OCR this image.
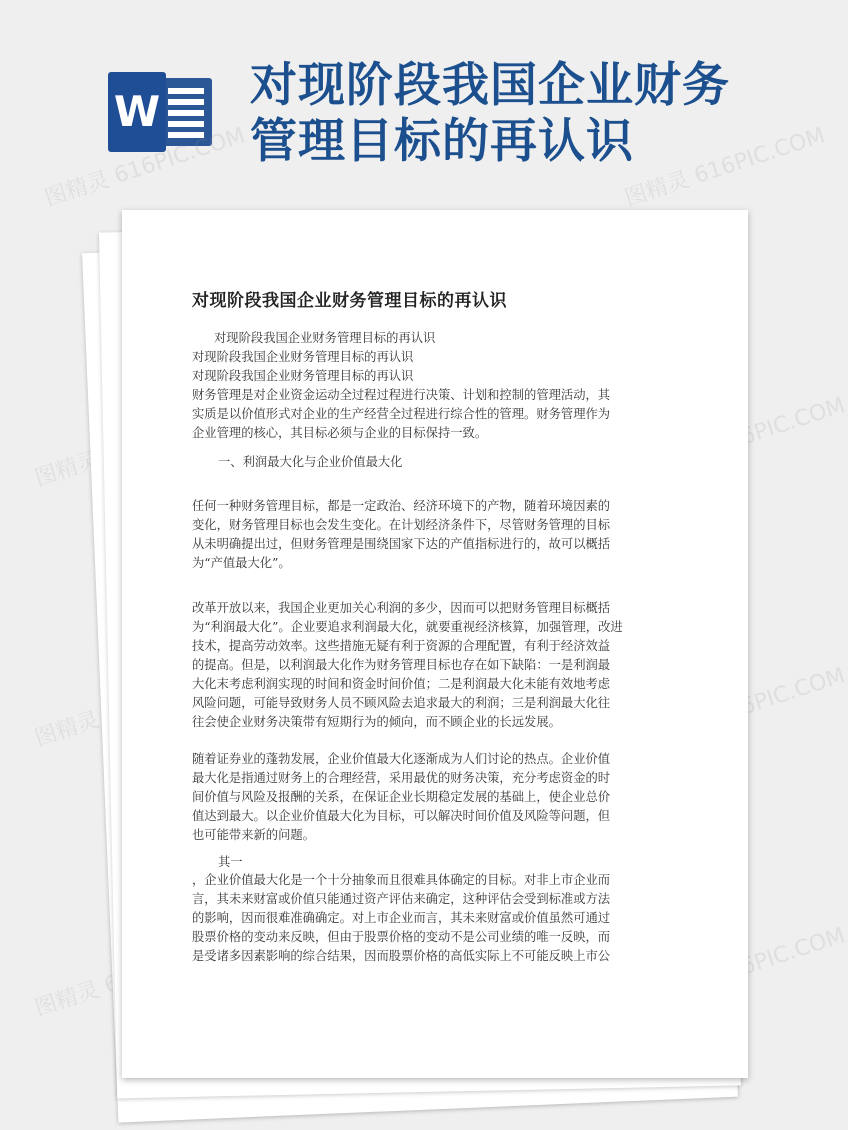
W 对现阶段我国企业财务
管理目标的再认识
图精灵 616PIC.COM	图精灵 616PIC.COM
图精灵
616PIC.COM
图精灵
616PIC.COM
图精灵
616PIC.COM
对现阶段我国企业财务管理目标的再认识
对现阶段我国企业财务管理目标的再认识
对现阶段我国企业财务管理目标的再认识
对现阶段我国企业财务管理目标的再认识
财务管理是对企业资金运动全过程过程进行决策、计划和控制的管理活动，其
实质是以价值形式对企业的生产经营全过程进行综合性的管理。财务管理作为
企业管理的核心，其目标必须与企业的目标保持一致。
一、利润最大化与企业价值最大化
任何一种财务管理目标，都是一定政治、经济环境下的产物，随着环境因素的
变化，财务管理目标也会发生变化。在计划经济条件下，尽管财务管理的目标
从未明确提出过，但财务管理是围绕国家下达的产值指标进行的，故可以概括
为“产值最大化”。
改革开放以来，我国企业更加关心利润的多少，因而可以把财务管理目标概括
为“利润最大化”。企业要追求利润最大化，就要重视经济核算，加强管理，改进
技术，提高劳动效率。这些措施无疑有利于资源的合理配置，有利于经济效益
的提高。但是，以利润最大化作为财务管理目标也存在如下缺陷：一是利润最
大化末考虑利润实现的时间和资金时间价值；二是利润最大化未能有效地考虑
风险问题，可能导致财务人员不顾风险去追求最大的利润；三是利润最大化往
往会使企业财务决策带有短期行为的倾向，而不顾企业的长远发展。
随着证券业的蓬勃发展，企业价值最大化逐渐成为人们讨论的热点。企业价值
最大化是指通过财务上的合理经营，采用最优的财务决策，充分考虑资金的时
间价值与风险及报酬的关系，在保证企业长期稳定发展的基础上，使企业总价
值达到最大。以企业价值最大化为目标，可以解决时间价值及风险等问题，但
也可能带来新的问题。
其一
，企业价值最大化是一个十分抽象而且很难具体确定的目标。对非上市企业而
言，其未来财富或价值只能通过资产评估来确定，这种评估会受到标准或方法
的影响，因而很难准确确定。对上市企业而言，其未来财富或价值虽然可通过
股票价格的变动来反映，但由于股票价格的变动不是公司业绩的唯一反映，而
是受诸多因素影响的综合结果，因而股票价格的高低实际上不可能反映上市公
